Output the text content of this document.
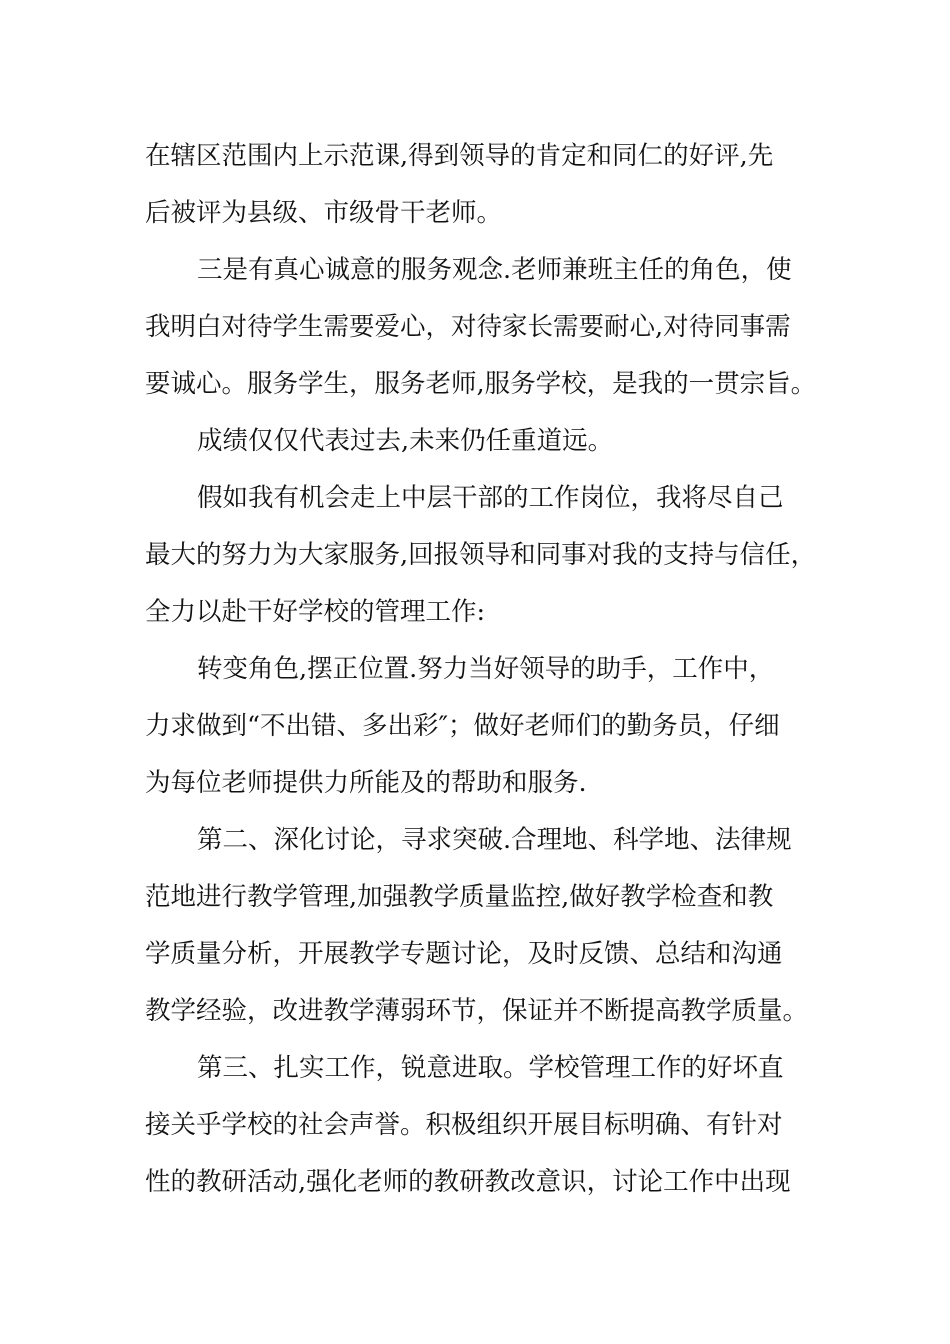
在辖区范围内上示范课,得到领导的肯定和同仁的好评,先
后被评为县级、市级骨干老师。
三是有真心诚意的服务观念.老师兼班主任的角色，使
我明白对待学生需要爱心，对待家长需要耐心,对待同事需
要诚心。服务学生，服务老师,服务学校，是我的一贯宗旨。
成绩仅仅代表过去,未来仍任重道远。
假如我有机会走上中层干部的工作岗位，我将尽自己
最大的努力为大家服务,回报领导和同事对我的支持与信任，
全力以赴干好学校的管理工作:
转变角色,摆正位置.努力当好领导的助手，工作中，
力求做到“不出错、多出彩″；做好老师们的勤务员，仔细
为每位老师提供力所能及的帮助和服务.
第二、深化讨论，寻求突破.合理地、科学地、法律规
范地进行教学管理,加强教学质量监控,做好教学检查和教
学质量分析，开展教学专题讨论，及时反馈、总结和沟通
教学经验，改进教学薄弱环节，保证并不断提高教学质量。
第三、扎实工作，锐意进取。学校管理工作的好坏直
接关乎学校的社会声誉。积极组织开展目标明确、有针对
性的教研活动,强化老师的教研教改意识，讨论工作中出现
